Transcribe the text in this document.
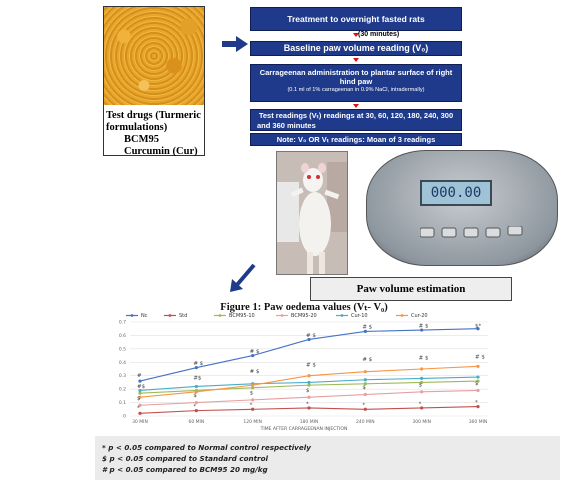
Test drugs (Turmeric
formulations)
BCM95
Curcumin (Cur)
Treatment to overnight fasted rats
(30 minutes)
Baseline paw volume reading (V₀)
Carrageenan administration to plantar surface of right
hind paw
(0.1 ml of 1% carrageenan in 0.9% NaCl, intradermally)
Test readings (Vₜ) readings at 30, 60, 120, 180, 240, 300
and 360 minutes
Note: V₀ OR Vₜ readings: Moan of 3 readings
000.00
Paw volume estimation
Figure 1: Paw oedema values (Vₜ- V₀)
Nc	Std	BCM95-10	BCM95-20	Cur-10	Cur-20
0
0.1
0.2
0.3
0.4
0.5
0.6
0.7
30 MIN	60 MIN	120 MIN	180 MIN	240 MIN	300 MIN	360 MIN
#
# $
# $
# $
# $	# $	$*
#$
#$
# $
# $
# $	# $	# $
$	$	$	$	$	$	$
*	*	*	*	*	*	*
TIME AFTER CARRAGEENAN INJECTION
* p < 0.05 compared to Normal control respectively
$ p < 0.05 compared to Standard control
# p < 0.05 compared to BCM95 20 mg/kg
